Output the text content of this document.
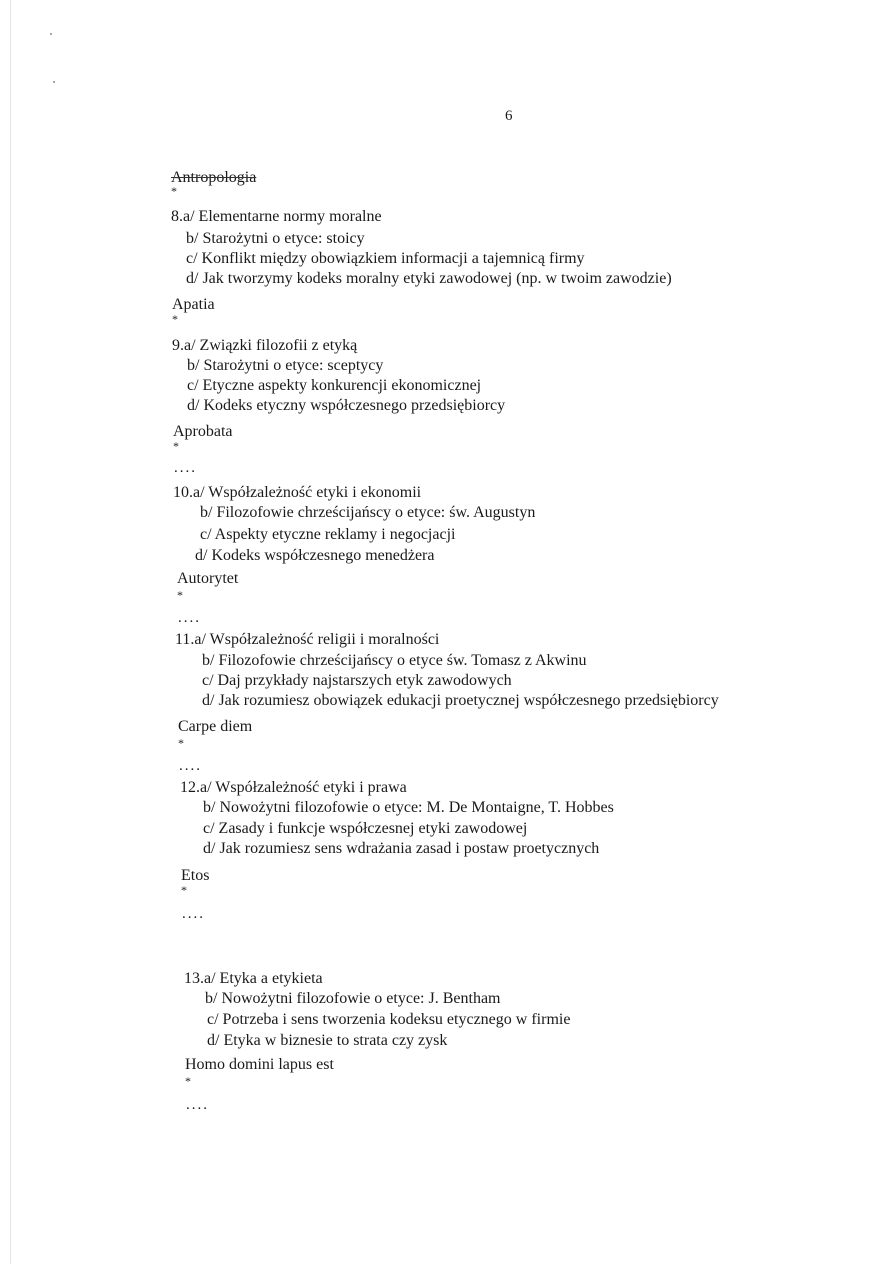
6
Antropologia
*
8.a/ Elementarne normy moralne
b/ Starożytni o etyce: stoicy
c/ Konflikt między obowiązkiem informacji a tajemnicą firmy
d/ Jak tworzymy kodeks moralny etyki zawodowej (np. w twoim zawodzie)
Apatia
*
9.a/ Związki filozofii z etyką
b/ Starożytni o etyce: sceptycy
c/ Etyczne aspekty konkurencji ekonomicznej
d/ Kodeks etyczny współczesnego przedsiębiorcy
Aprobata
*
....
10.a/ Współzależność etyki i ekonomii
b/ Filozofowie chrześcijańscy o etyce: św. Augustyn
c/ Aspekty etyczne reklamy i negocjacji
d/ Kodeks współczesnego menedżera
Autorytet
*
....
11.a/ Współzależność religii i moralności
b/ Filozofowie chrześcijańscy o etyce św. Tomasz z Akwinu
c/ Daj przykłady najstarszych etyk zawodowych
d/ Jak rozumiesz obowiązek edukacji proetycznej współczesnego przedsiębiorcy
Carpe diem
*
....
12.a/ Współzależność etyki i prawa
b/ Nowożytni filozofowie o etyce: M. De Montaigne, T. Hobbes
c/ Zasady i funkcje współczesnej etyki zawodowej
d/ Jak rozumiesz sens wdrażania zasad i postaw proetycznych
Etos
*
....
13.a/ Etyka a etykieta
b/ Nowożytni filozofowie o etyce: J. Bentham
c/ Potrzeba i sens tworzenia kodeksu etycznego w firmie
d/ Etyka w biznesie to strata czy zysk
Homo domini lapus est
*
....
